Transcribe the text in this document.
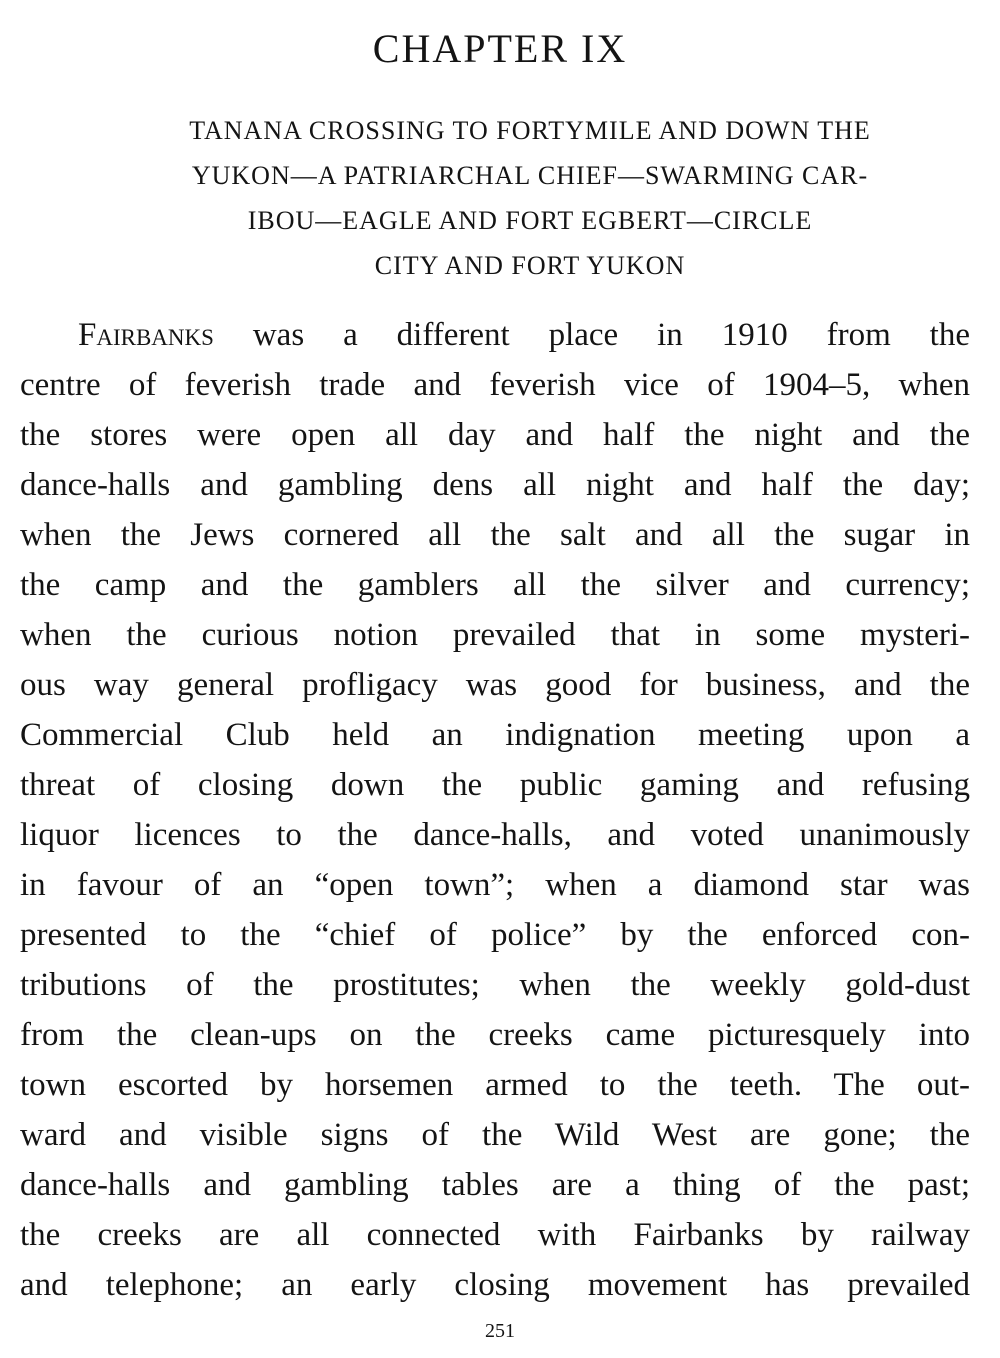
CHAPTER IX
TANANA CROSSING TO FORTYMILE AND DOWN THE
YUKON—A PATRIARCHAL CHIEF—SWARMING CAR-
IBOU—EAGLE AND FORT EGBERT—CIRCLE
CITY AND FORT YUKON
Fairbanks was a different place in 1910 from the
centre of feverish trade and feverish vice of 1904–5, when
the stores were open all day and half the night and the
dance-halls and gambling dens all night and half the day;
when the Jews cornered all the salt and all the sugar in
the camp and the gamblers all the silver and currency;
when the curious notion prevailed that in some mysteri-
ous way general profligacy was good for business, and the
Commercial Club held an indignation meeting upon a
threat of closing down the public gaming and refusing
liquor licences to the dance-halls, and voted unanimously
in favour of an “open town”; when a diamond star was
presented to the “chief of police” by the enforced con-
tributions of the prostitutes; when the weekly gold-dust
from the clean-ups on the creeks came picturesquely into
town escorted by horsemen armed to the teeth. The out-
ward and visible signs of the Wild West are gone; the
dance-halls and gambling tables are a thing of the past;
the creeks are all connected with Fairbanks by railway
and telephone; an early closing movement has prevailed
251
